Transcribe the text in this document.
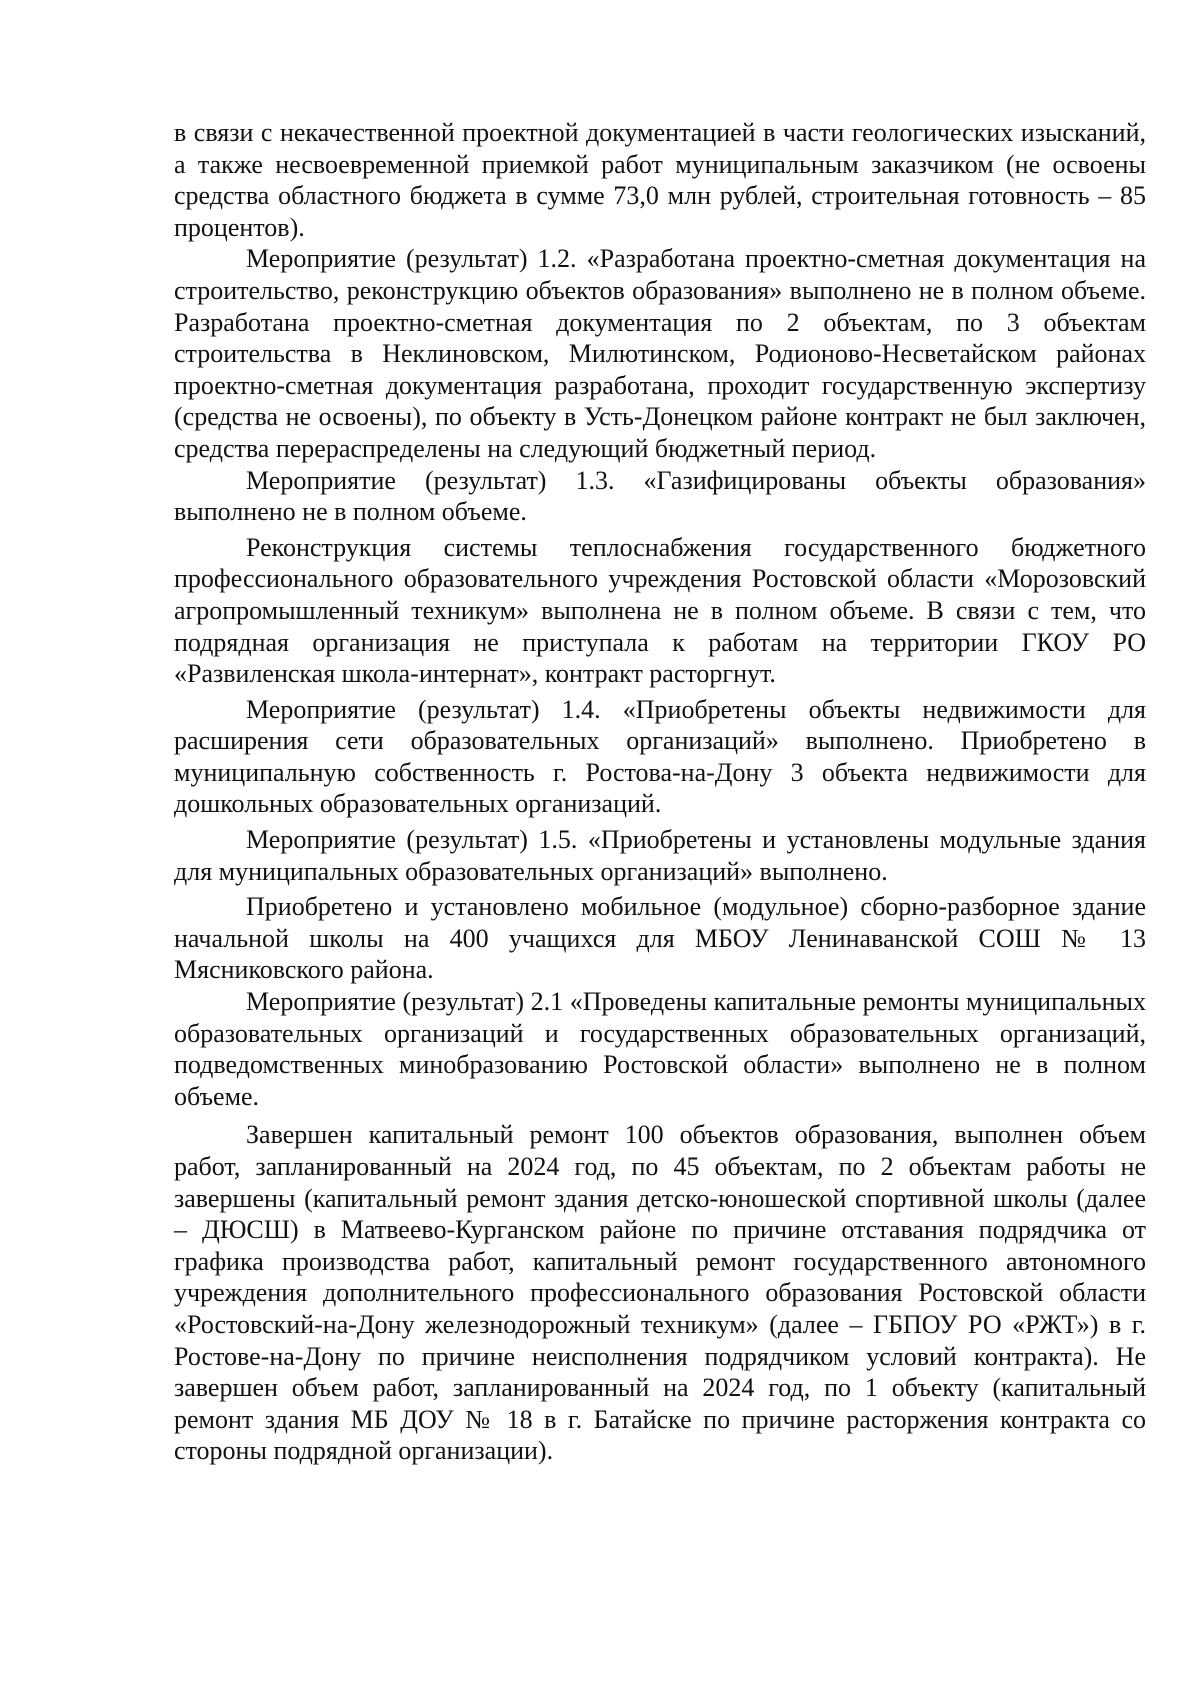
в связи с некачественной проектной документацией в части геологических изысканий, а также несвоевременной приемкой работ муниципальным заказчиком (не освоены средства областного бюджета в сумме 73,0 млн рублей, строительная готовность – 85 процентов).

Мероприятие (результат) 1.2. «Разработана проектно-сметная документация на строительство, реконструкцию объектов образования» выполнено не в полном объеме. Разработана проектно-сметная документация по 2 объектам, по 3 объектам строительства в Неклиновском, Милютинском, Родионово-Несветайском районах проектно-сметная документация разработана, проходит государственную экспертизу (средства не освоены), по объекту в Усть-Донецком районе контракт не был заключен, средства перераспределены на следующий бюджетный период.

Мероприятие (результат) 1.3. «Газифицированы объекты образования» выполнено не в полном объеме.

Реконструкция системы теплоснабжения государственного бюджетного профессионального образовательного учреждения Ростовской области «Морозовский агропромышленный техникум» выполнена не в полном объеме. В связи с тем, что подрядная организация не приступала к работам на территории ГКОУ РО «Развиленская школа-интернат», контракт расторгнут.

Мероприятие (результат) 1.4. «Приобретены объекты недвижимости для расширения сети образовательных организаций» выполнено. Приобретено в муниципальную собственность г. Ростова-на-Дону 3 объекта недвижимости для дошкольных образовательных организаций.

Мероприятие (результат) 1.5. «Приобретены и установлены модульные здания для муниципальных образовательных организаций» выполнено.

Приобретено и установлено мобильное (модульное) сборно-разборное здание начальной школы на 400 учащихся для МБОУ Ленинаванской СОШ № 13 Мясниковского района.

Мероприятие (результат) 2.1 «Проведены капитальные ремонты муниципальных образовательных организаций и государственных образовательных организаций, подведомственных минобразованию Ростовской области» выполнено не в полном объеме.

Завершен капитальный ремонт 100 объектов образования, выполнен объем работ, запланированный на 2024 год, по 45 объектам, по 2 объектам работы не завершены (капитальный ремонт здания детско-юношеской спортивной школы (далее – ДЮСШ) в Матвеево-Курганском районе по причине отставания подрядчика от графика производства работ, капитальный ремонт государственного автономного учреждения дополнительного профессионального образования Ростовской области «Ростовский-на-Дону железнодорожный техникум» (далее – ГБПОУ РО «РЖТ») в г. Ростове-на-Дону по причине неисполнения подрядчиком условий контракта). Не завершен объем работ, запланированный на 2024 год, по 1 объекту (капитальный ремонт здания МБ ДОУ № 18 в г. Батайске по причине расторжения контракта со стороны подрядной организации).
